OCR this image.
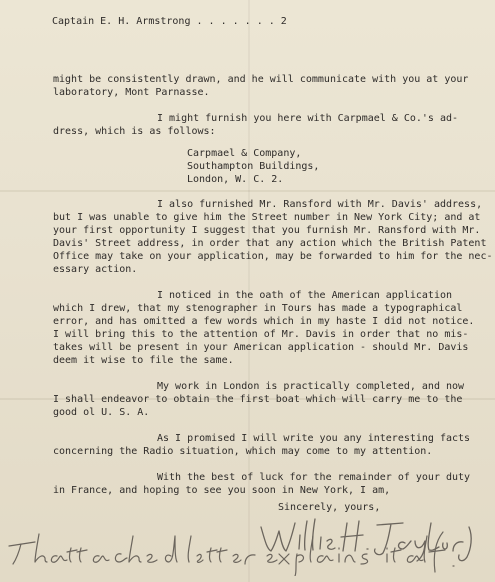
Captain E. H. Armstrong . . . . . . . 2
might be consistently drawn, and he will communicate with you at your
laboratory, Mont Parnasse.
I might furnish you here with Carpmael & Co.'s ad-
dress, which is as follows:
Carpmael & Company,
Southampton Buildings,
London, W. C. 2.
I also furnished Mr. Ransford with Mr. Davis' address,
but I was unable to give him the Street number in New York City; and at
your first opportunity I suggest that you furnish Mr. Ransford with Mr.
Davis' Street address, in order that any action which the British Patent
Office may take on your application, may be forwarded to him for the nec-
essary action.
I noticed in the oath of the American application
which I drew, that my stenographer in Tours has made a typographical
error, and has omitted a few words which in my haste I did not notice.
I will bring this to the attention of Mr. Davis in order that no mis-
takes will be present in your American application - should Mr. Davis
deem it wise to file the same.
My work in London is practically completed, and now
I shall endeavor to obtain the first boat which will carry me to the
good ol U. S. A.
As I promised I will write you any interesting facts
concerning the Radio situation, which may come to my attention.
With the best of luck for the remainder of your duty
in France, and hoping to see you soon in New York, I am,
Sincerely, yours,
